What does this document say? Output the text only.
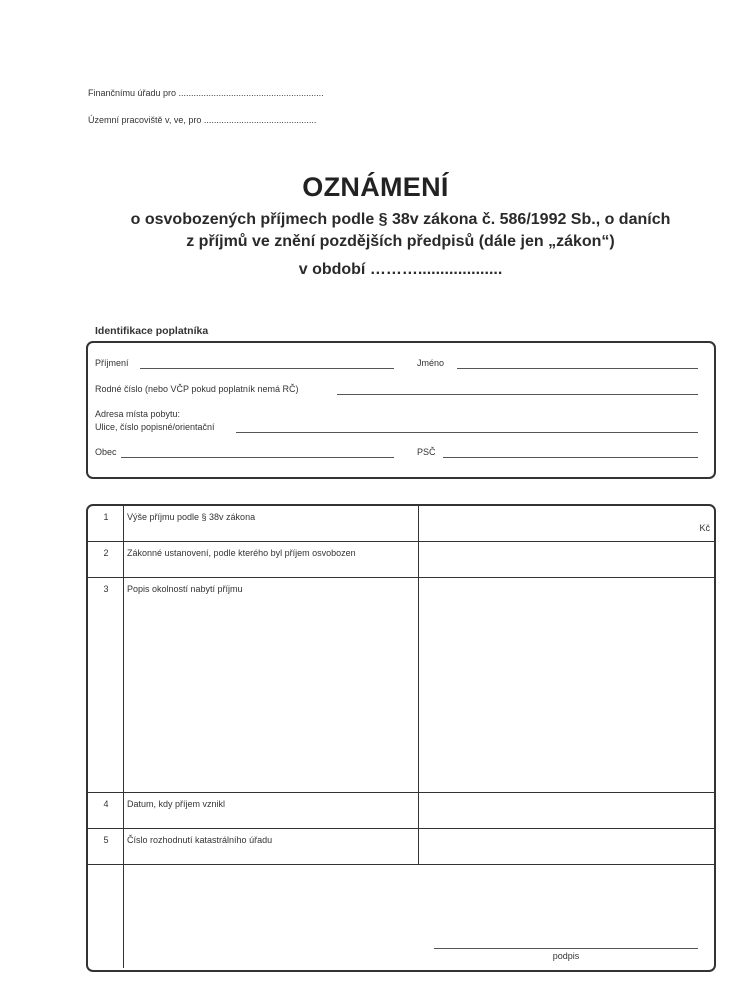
Finančnímu úřadu pro ..........................................................
Územní pracoviště v, ve, pro .............................................
OZNÁMENÍ
o osvobozených příjmech podle § 38v zákona č. 586/1992 Sb., o daních
z příjmů ve znění pozdějších předpisů (dále jen „zákon“)
v období ………...................
Identifikace poplatníka
Příjmení	Jméno
Rodné číslo (nebo VČP pokud poplatník nemá RČ)
Adresa místa pobytu:
Ulice, číslo popisné/orientační
Obec	PSČ
1	Výše příjmu podle § 38v zákona
Kč
2	Zákonné ustanovení, podle kterého byl příjem osvobozen
3	Popis okolností nabytí příjmu
4	Datum, kdy příjem vznikl
5	Číslo rozhodnutí katastrálního úřadu
podpis
